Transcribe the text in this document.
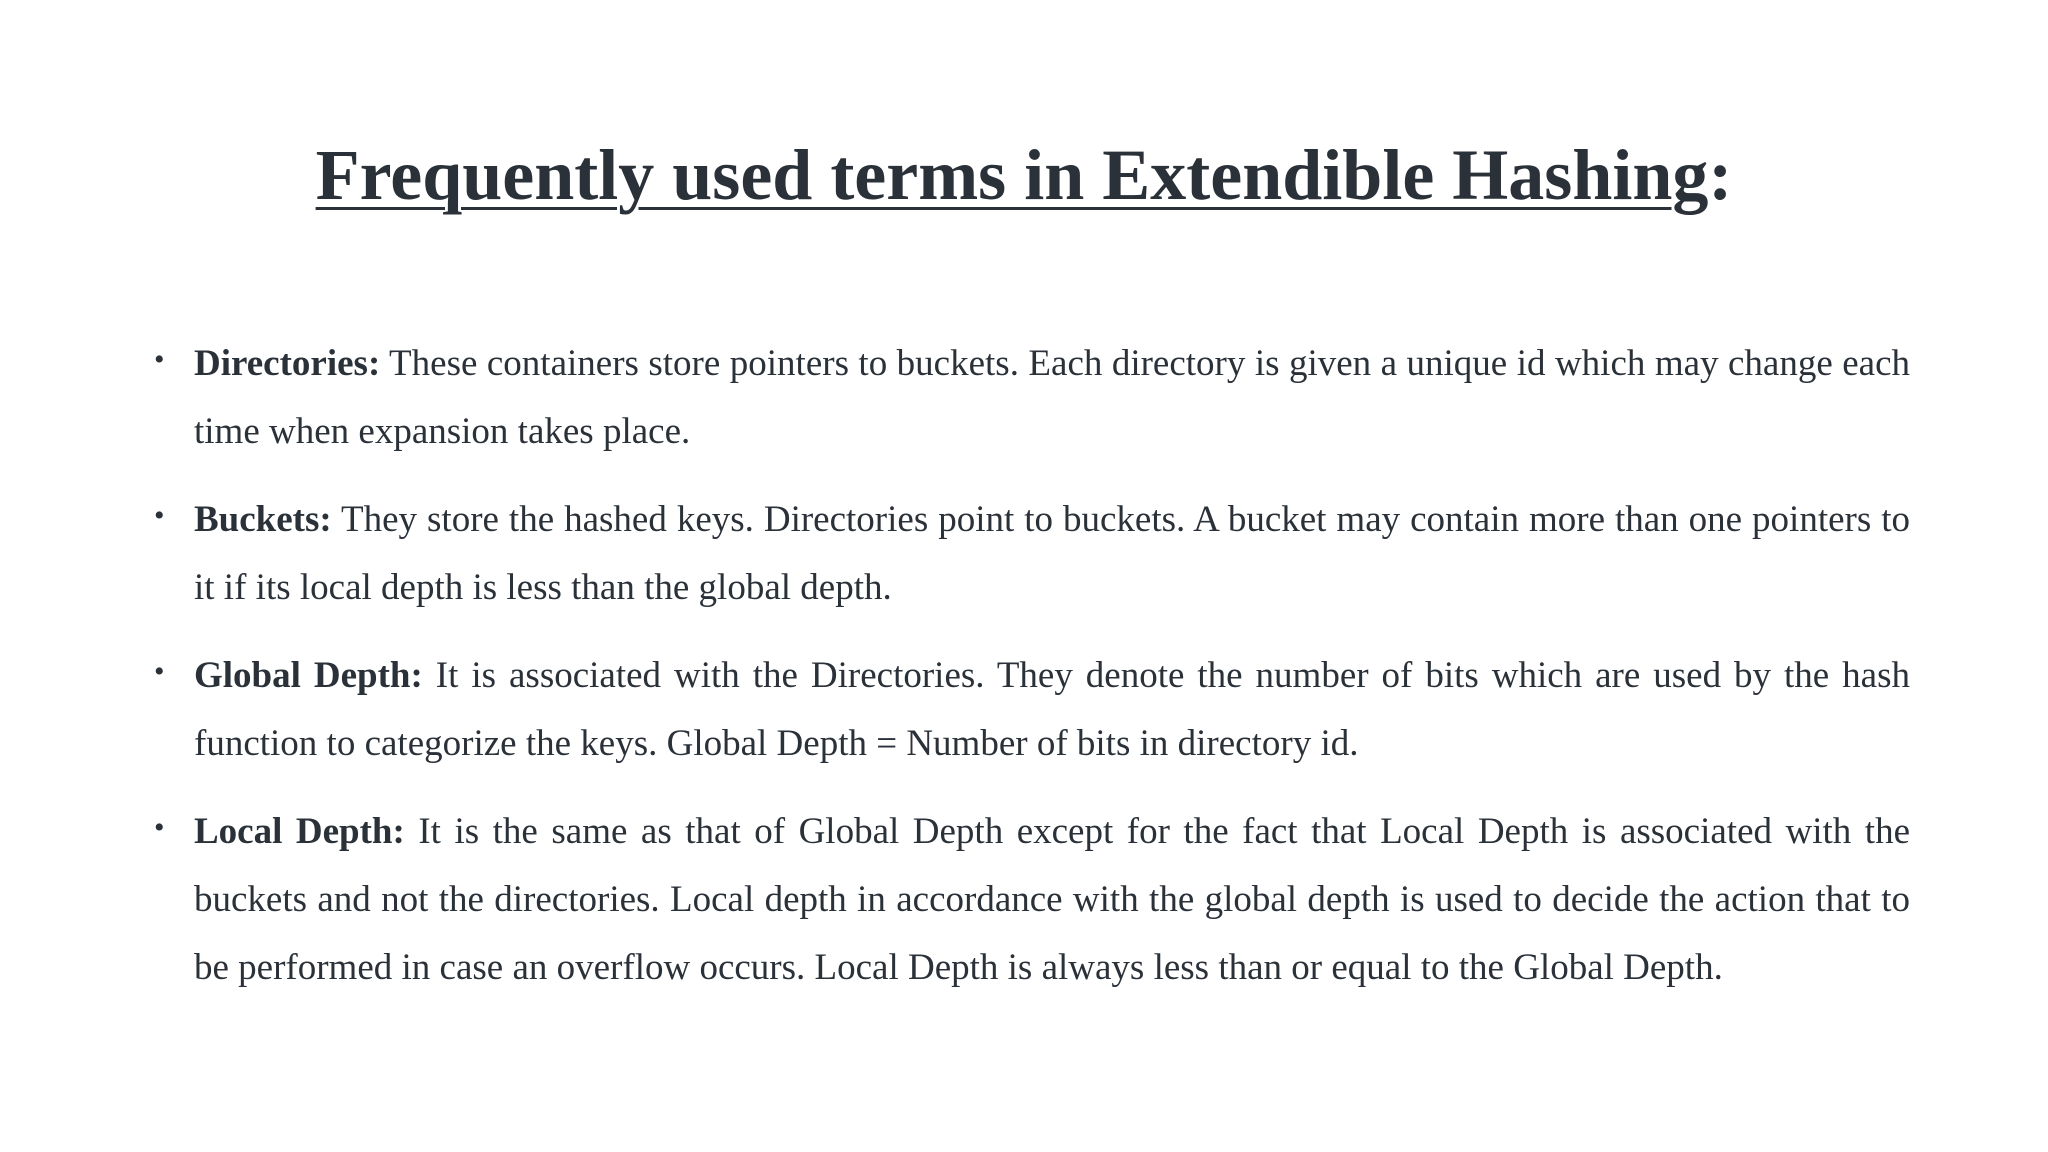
Frequently used terms in Extendible Hashing:
• Directories: These containers store pointers to buckets. Each directory is given a unique id which may change each time when expansion takes place.
• Buckets: They store the hashed keys. Directories point to buckets. A bucket may contain more than one pointers to it if its local depth is less than the global depth.
• Global Depth: It is associated with the Directories. They denote the number of bits which are used by the hash function to categorize the keys. Global Depth = Number of bits in directory id.
• Local Depth: It is the same as that of Global Depth except for the fact that Local Depth is associated with the buckets and not the directories. Local depth in accordance with the global depth is used to decide the action that to be performed in case an overflow occurs. Local Depth is always less than or equal to the Global Depth.
